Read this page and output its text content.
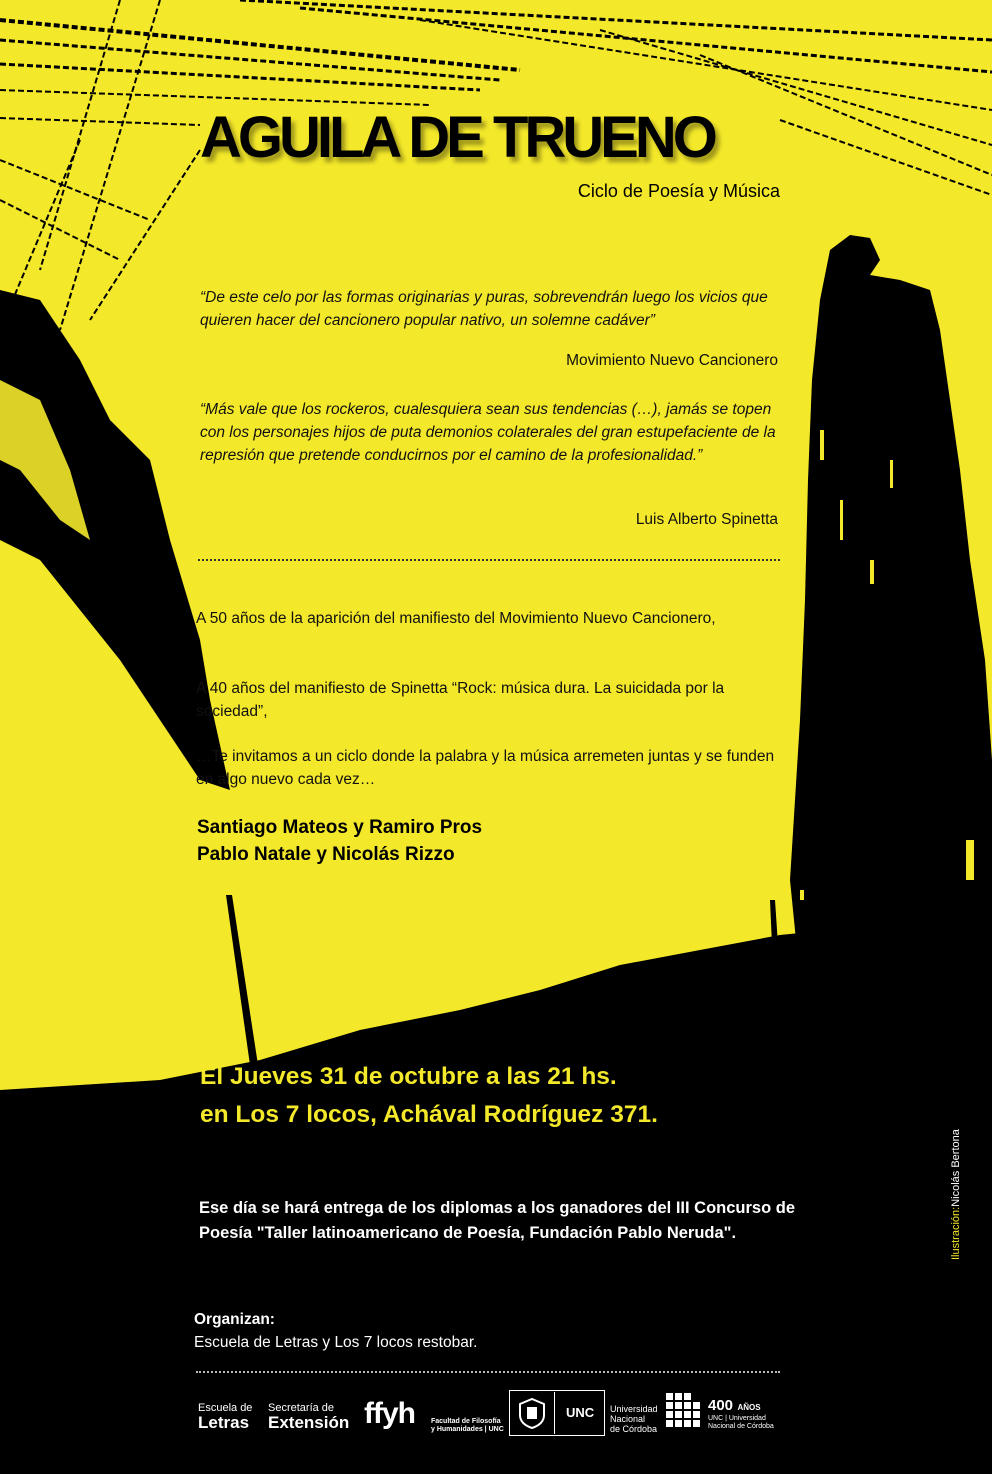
AGUILA DE TRUENO
Ciclo de Poesía y Música
“De este celo por las formas originarias y puras, sobrevendrán luego los vicios que quieren hacer del cancionero popular nativo, un solemne cadáver”
Movimiento Nuevo Cancionero
“Más vale que los rockeros, cualesquiera sean sus tendencias (…), jamás se topen con los personajes hijos de puta demonios colaterales del gran estupefaciente de la represión que pretende conducirnos por el camino de la profesionalidad.”
Luis Alberto Spinetta
A 50 años de la aparición del manifiesto del Movimiento Nuevo Cancionero,
A 40 años del manifiesto de Spinetta “Rock: música dura. La suicidada por la sociedad”,
…Te invitamos a un ciclo donde la palabra y la música arremeten juntas y se funden en algo nuevo cada vez…
Santiago Mateos y Ramiro Pros
Pablo Natale y Nicolás Rizzo
El Jueves 31 de octubre a las 21 hs.
en Los 7 locos, Achával Rodríguez 371.
Ese día se hará entrega de los diplomas a los ganadores del III Concurso de Poesía "Taller latinoamericano de Poesía, Fundación Pablo Neruda".
Organizan:
Escuela de Letras y Los 7 locos restobar.
Ilustración:Nicolás Bertona
Escuela de
Letras
Secretaría de
Extensión ffyh Facultad de Filosofía
y Humanidades | UNC
UNC Universidad
Nacional
de Córdoba
400 AÑOS
UNC | Universidad
Nacional de Córdoba
